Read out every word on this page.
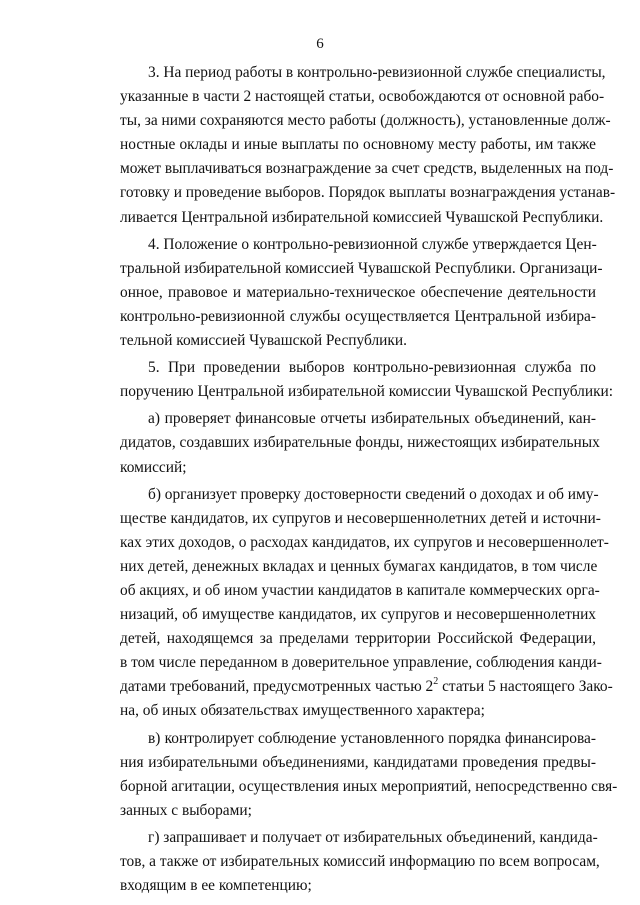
6
3. На период работы в контрольно-ревизионной службе специалисты,
указанные в части 2 настоящей статьи, освобождаются от основной рабо-
ты, за ними сохраняются место работы (должность), установленные долж-
ностные оклады и иные выплаты по основному месту работы, им также
может выплачиваться вознаграждение за счет средств, выделенных на под-
готовку и проведение выборов. Порядок выплаты вознаграждения устанав-
ливается Центральной избирательной комиссией Чувашской Республики.
4. Положение о контрольно-ревизионной службе утверждается Цен-
тральной избирательной комиссией Чувашской Республики. Организаци-
онное, правовое и материально-техническое обеспечение деятельности
контрольно-ревизионной службы осуществляется Центральной избира-
тельной комиссией Чувашской Республики.
5. При проведении выборов контрольно-ревизионная служба по
поручению Центральной избирательной комиссии Чувашской Республики:
а) проверяет финансовые отчеты избирательных объединений, кан-
дидатов, создавших избирательные фонды, нижестоящих избирательных
комиссий;
б) организует проверку достоверности сведений о доходах и об иму-
ществе кандидатов, их супругов и несовершеннолетних детей и источни-
ках этих доходов, о расходах кандидатов, их супругов и несовершеннолет-
них детей, денежных вкладах и ценных бумагах кандидатов, в том числе
об акциях, и об ином участии кандидатов в капитале коммерческих орга-
низаций, об имуществе кандидатов, их супругов и несовершеннолетних
детей, находящемся за пределами территории Российской Федерации,
в том числе переданном в доверительное управление, соблюдения канди-
датами требований, предусмотренных частью $2^2$ статьи 5 настоящего Зако-
на, об иных обязательствах имущественного характера;
в) контролирует соблюдение установленного порядка финансирова-
ния избирательными объединениями, кандидатами проведения предвы-
борной агитации, осуществления иных мероприятий, непосредственно свя-
занных с выборами;
г) запрашивает и получает от избирательных объединений, кандида-
тов, а также от избирательных комиссий информацию по всем вопросам,
входящим в ее компетенцию;
